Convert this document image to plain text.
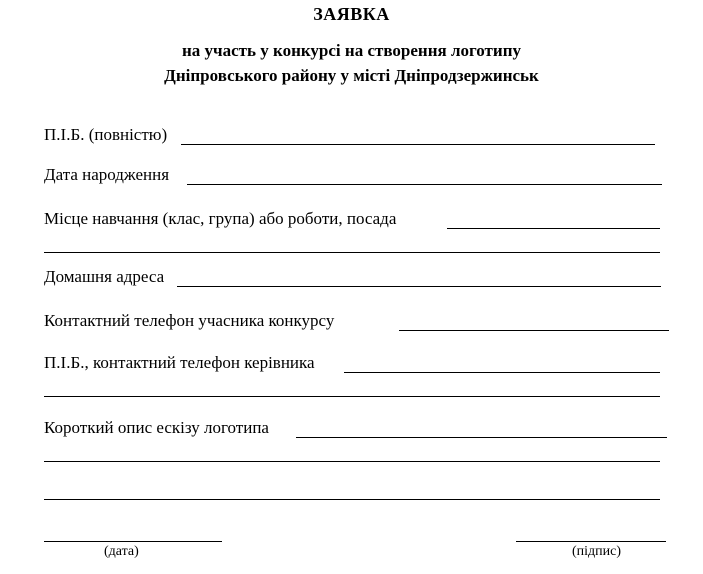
ЗАЯВКА
на участь у конкурсі на створення логотипу
Дніпровського району у місті Дніпродзержинськ
П.І.Б. (повністю)
Дата народження
Місце навчання (клас, група) або роботи, посада
Домашня адреса
Контактний телефон учасника конкурсу
П.І.Б., контактний телефон керівника
Короткий опис ескізу логотипа
(дата)	(підпис)
